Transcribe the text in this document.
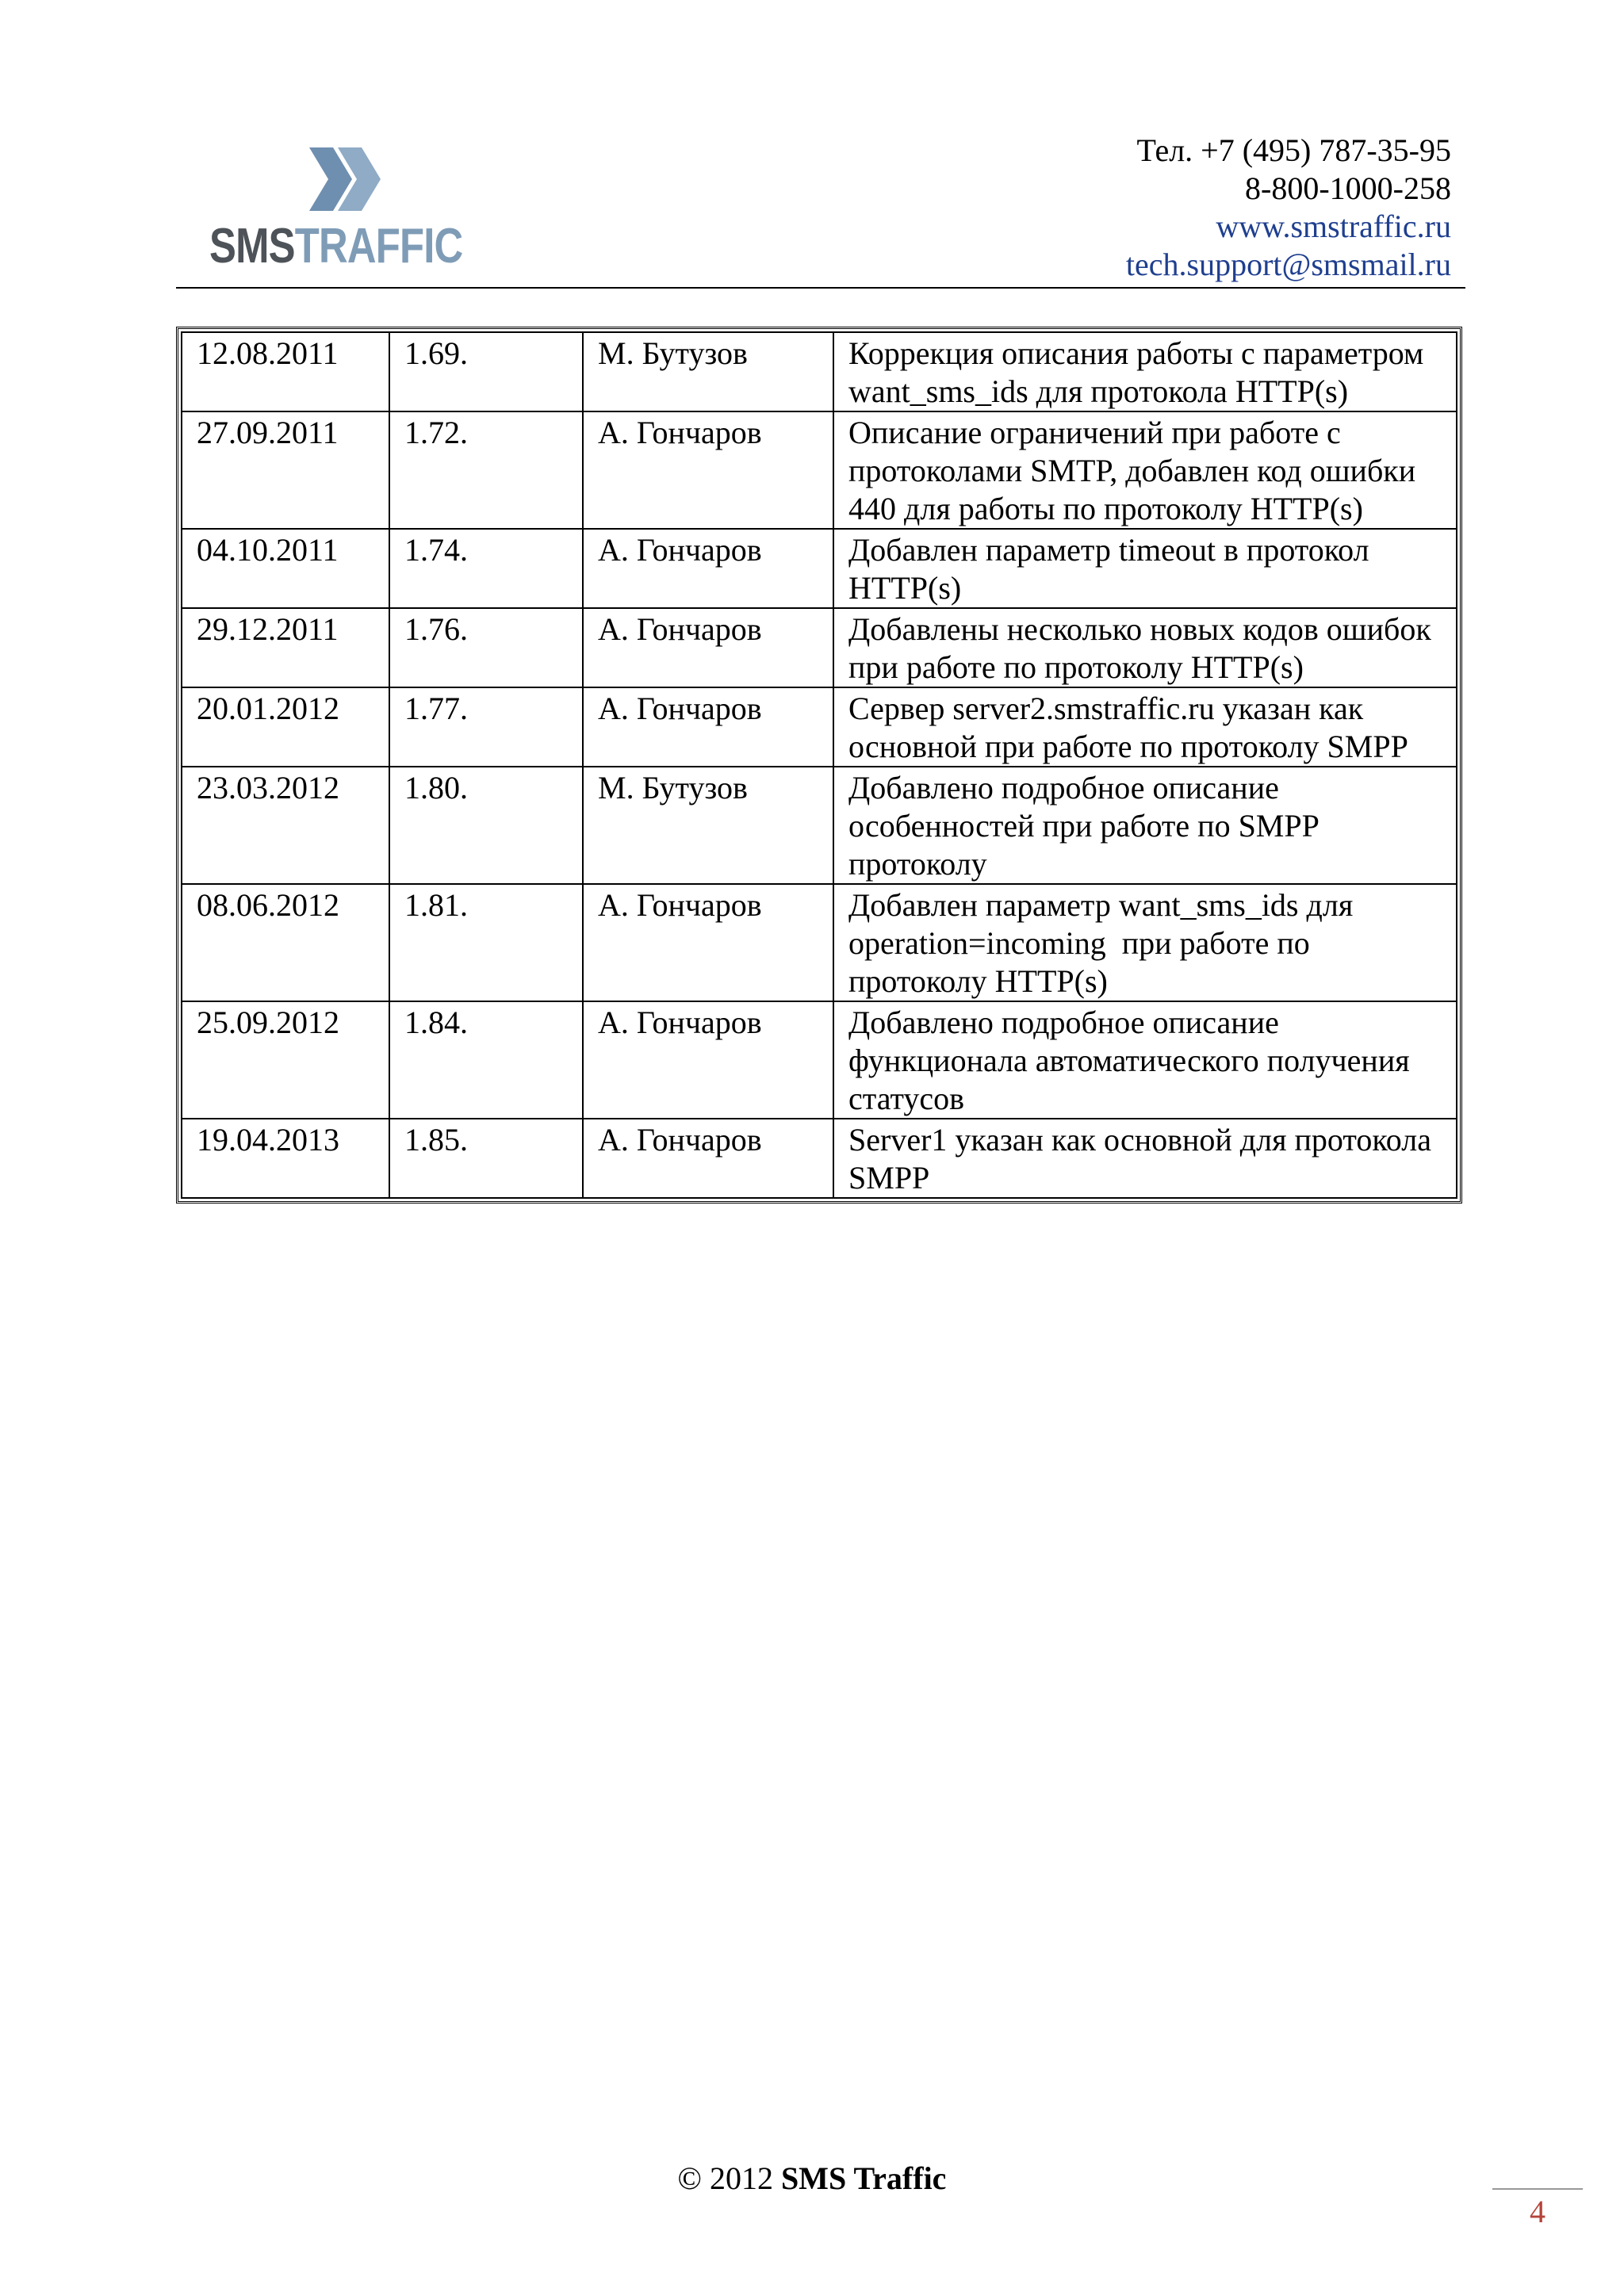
SMSTRAFFIC
Тел. +7 (495) 787-35-95
8-800-1000-258
www.smstraffic.ru
tech.support@smsmail.ru
12.08.2011	1.69.	М. Бутузов	Коррекция описания работы с параметром want_sms_ids для протокола HTTP(s)
27.09.2011	1.72.	А. Гончаров	Описание ограничений при работе с протоколами SMTP, добавлен код ошибки 440 для работы по протоколу HTTP(s)
04.10.2011	1.74.	А. Гончаров	Добавлен параметр timeout в протокол HTTP(s)
29.12.2011	1.76.	А. Гончаров	Добавлены несколько новых кодов ошибок при работе по протоколу HTTP(s)
20.01.2012	1.77.	А. Гончаров	Сервер server2.smstraffic.ru указан как основной при работе по протоколу SMPP
23.03.2012	1.80.	М. Бутузов	Добавлено подробное описание особенностей при работе по SMPP протоколу
08.06.2012	1.81.	А. Гончаров	Добавлен параметр want_sms_ids для operation=incoming  при работе по протоколу HTTP(s)
25.09.2012	1.84.	А. Гончаров	Добавлено подробное описание функционала автоматического получения статусов
19.04.2013	1.85.	А. Гончаров	Server1 указан как основной для протокола SMPP
© 2012 SMS Traffic
4
